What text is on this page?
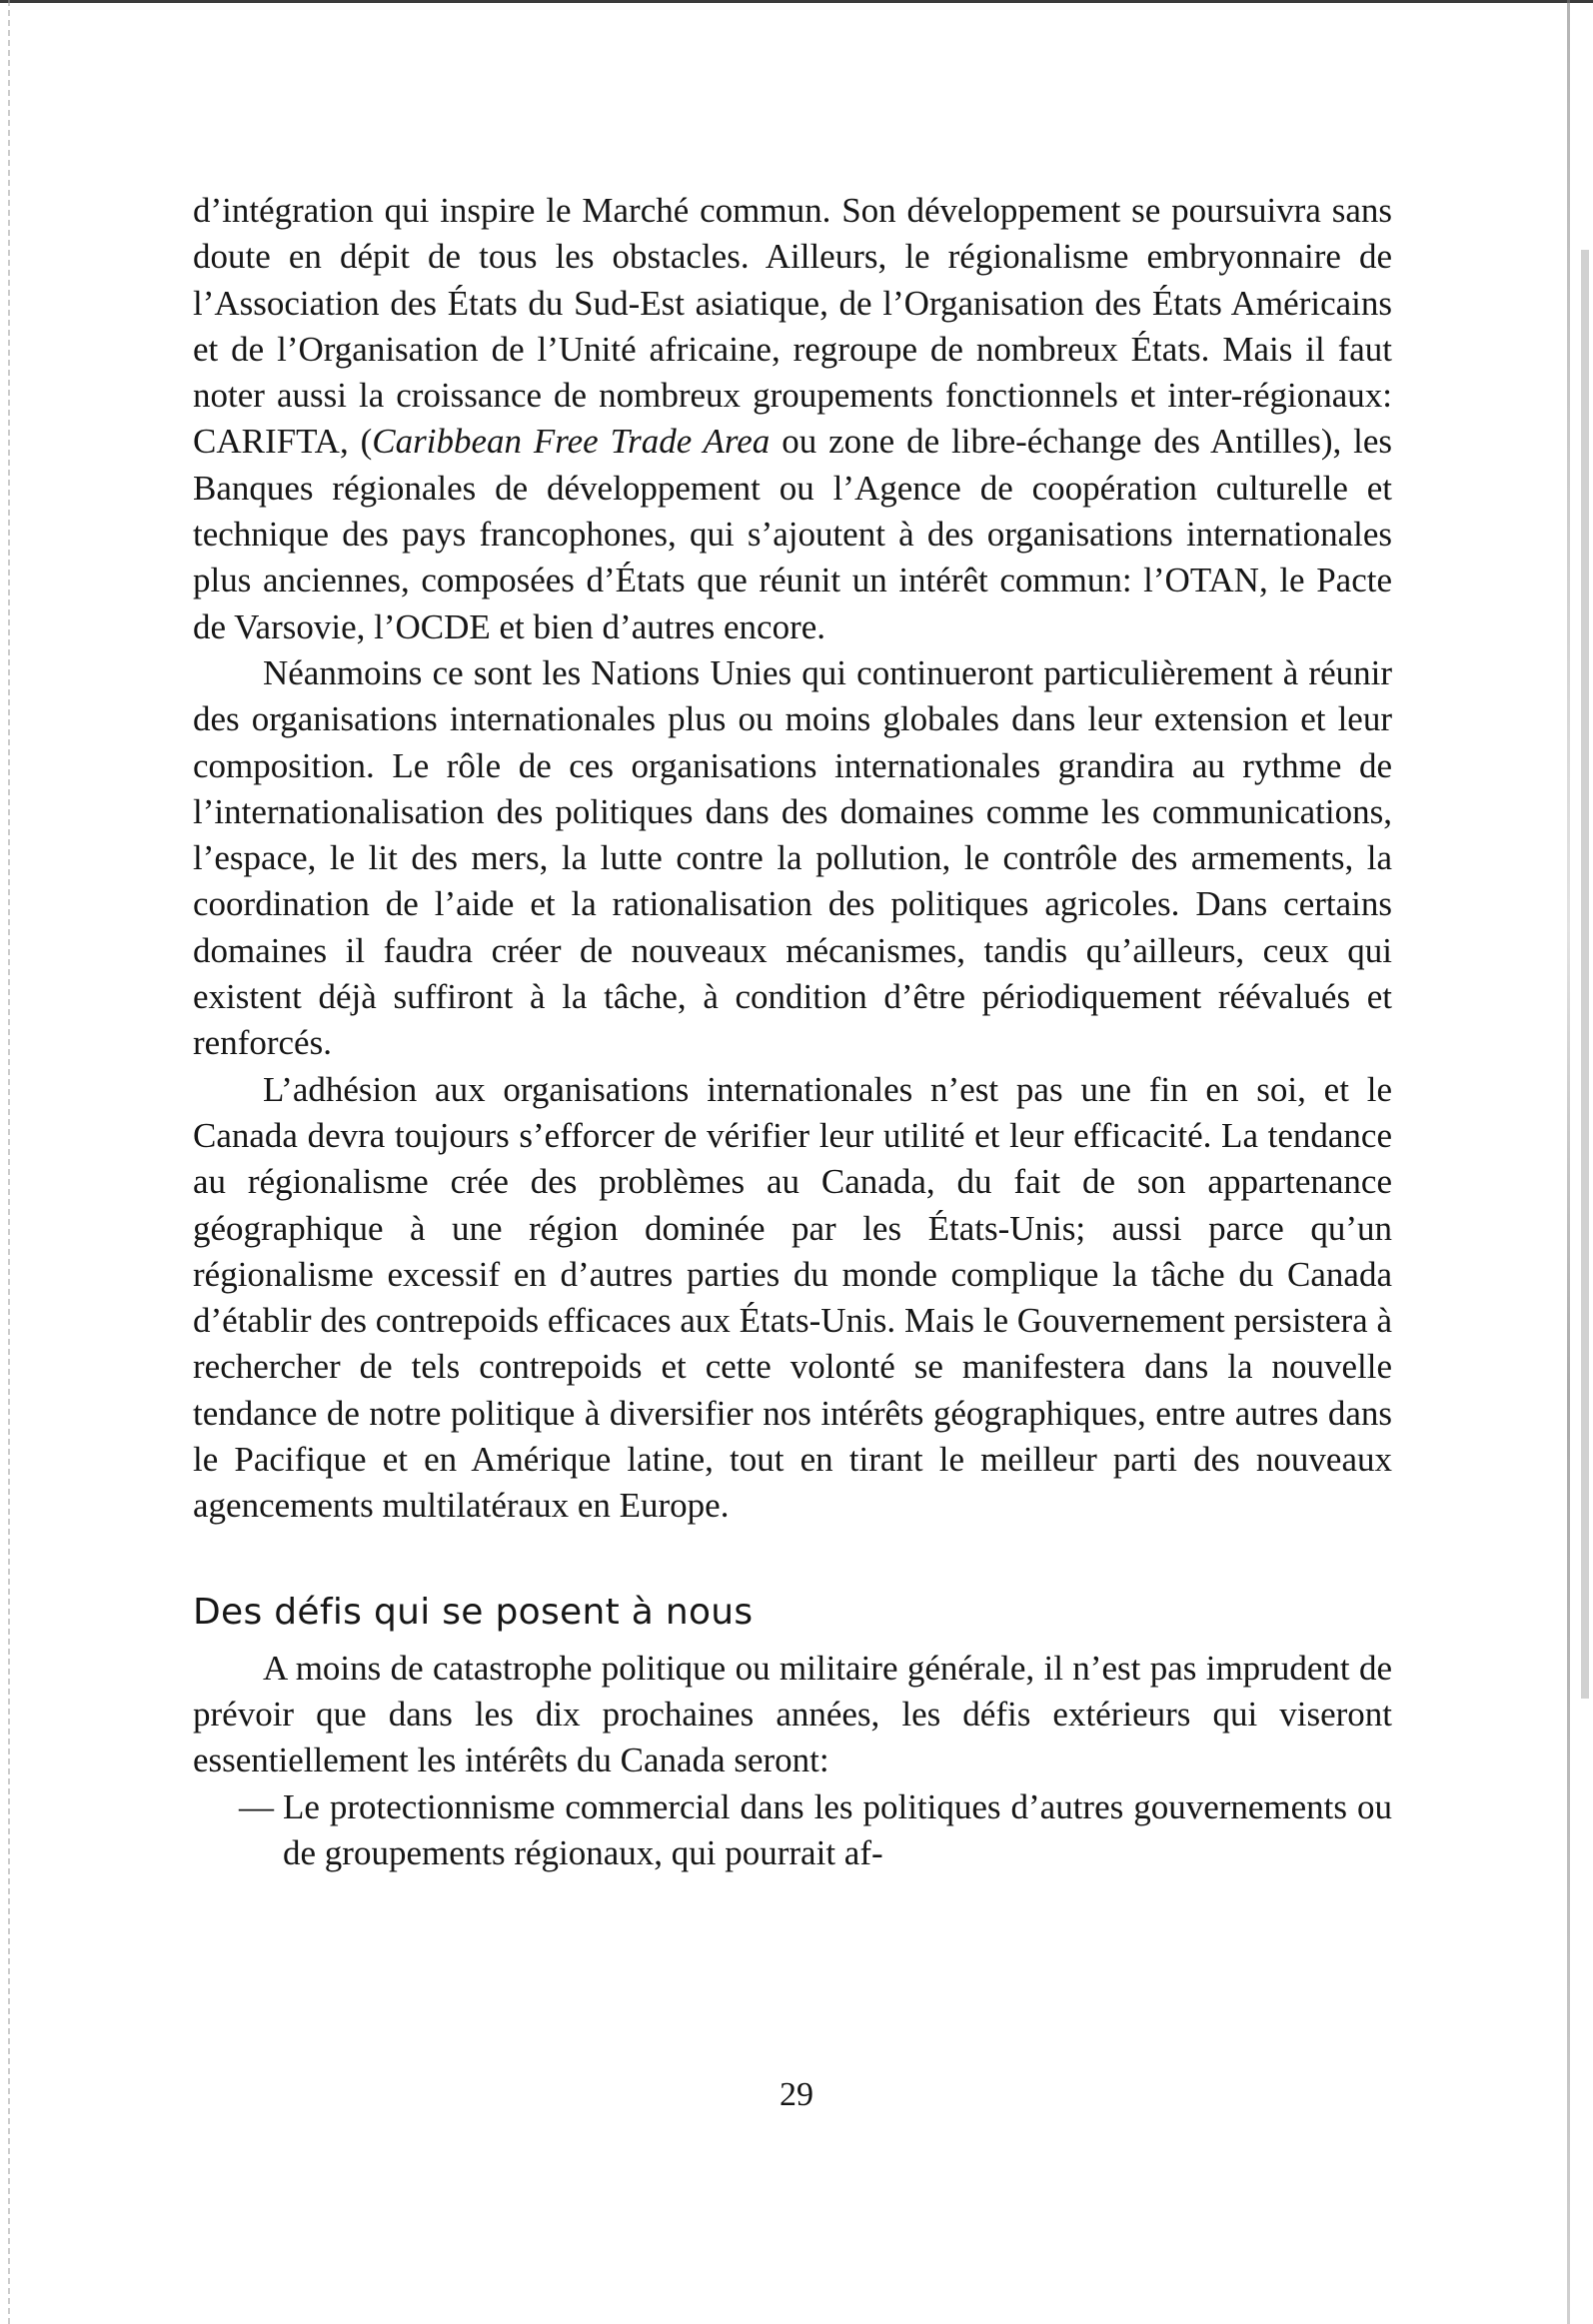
d’intégration qui inspire le Marché commun. Son développement se poursuivra sans doute en dépit de tous les obstacles. Ailleurs, le régionalisme embryonnaire de l’Association des États du Sud-Est asiatique, de l’Organisation des États Américains et de l’Organisation de l’Unité africaine, regroupe de nombreux États. Mais il faut noter aussi la croissance de nombreux groupements fonctionnels et inter-régionaux: CARIFTA, (Caribbean Free Trade Area ou zone de libre-échange des Antilles), les Banques régionales de développement ou l’Agence de coopération culturelle et technique des pays francophones, qui s’ajoutent à des organisations internationales plus anciennes, composées d’États que réunit un intérêt commun: l’OTAN, le Pacte de Varsovie, l’OCDE et bien d’autres encore.

Néanmoins ce sont les Nations Unies qui continueront particulièrement à réunir des organisations internationales plus ou moins globales dans leur extension et leur composition. Le rôle de ces organisations internationales grandira au rythme de l’internationalisation des politiques dans des domaines comme les communications, l’espace, le lit des mers, la lutte contre la pollution, le contrôle des armements, la coordination de l’aide et la rationalisation des politiques agricoles. Dans certains domaines il faudra créer de nouveaux mécanismes, tandis qu’ailleurs, ceux qui existent déjà suffiront à la tâche, à condition d’être périodiquement réévalués et renforcés.

L’adhésion aux organisations internationales n’est pas une fin en soi, et le Canada devra toujours s’efforcer de vérifier leur utilité et leur efficacité. La tendance au régionalisme crée des problèmes au Canada, du fait de son appartenance géographique à une région dominée par les États-Unis; aussi parce qu’un régionalisme excessif en d’autres parties du monde complique la tâche du Canada d’établir des contrepoids efficaces aux États-Unis. Mais le Gouvernement persistera à rechercher de tels contrepoids et cette volonté se manifestera dans la nouvelle tendance de notre politique à diversifier nos intérêts géographiques, entre autres dans le Pacifique et en Amérique latine, tout en tirant le meilleur parti des nouveaux agencements multilatéraux en Europe.

Des défis qui se posent à nous

A moins de catastrophe politique ou militaire générale, il n’est pas imprudent de prévoir que dans les dix prochaines années, les défis extérieurs qui viseront essentiellement les intérêts du Canada seront:

— Le protectionnisme commercial dans les politiques d’autres gouvernements ou de groupements régionaux, qui pourrait af-
29
